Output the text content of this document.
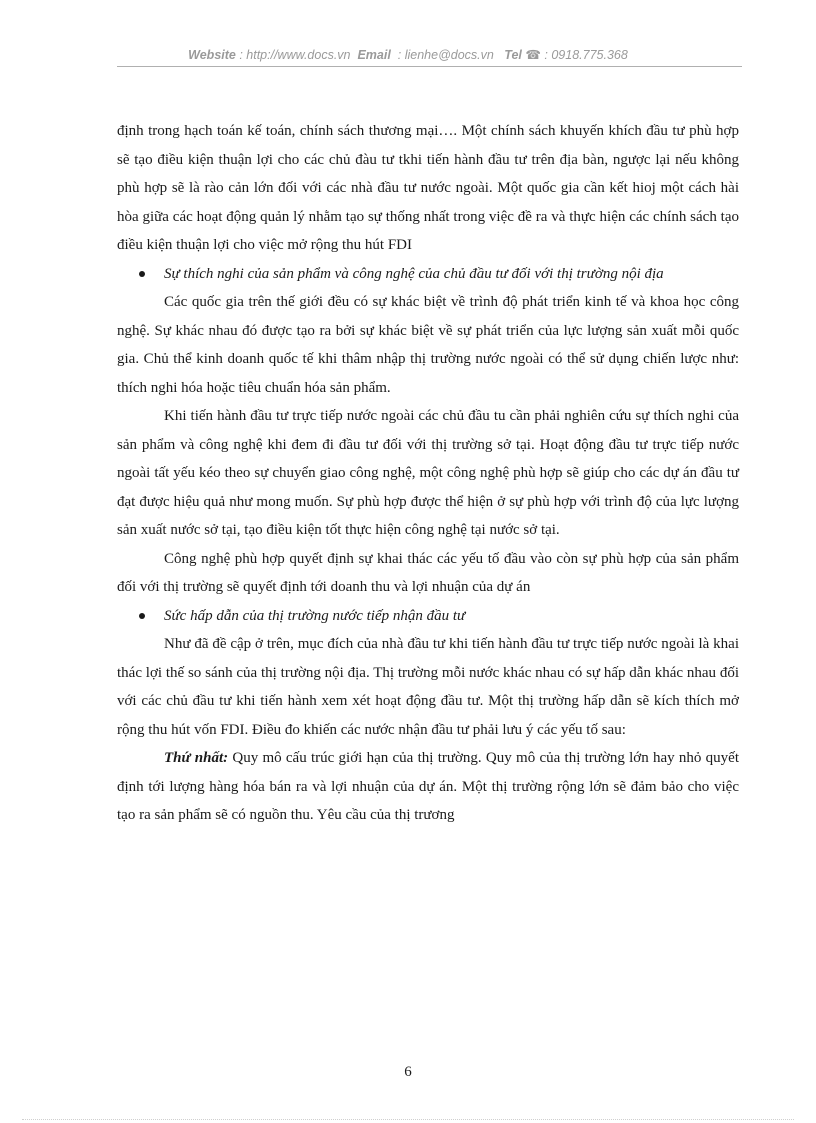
Website : http://www.docs.vn Email : lienhe@docs.vn Tel ☎ : 0918.775.368

định trong hạch toán kế toán, chính sách thương mại…. Một chính sách khuyến khích đầu tư phù hợp sẽ tạo điều kiện thuận lợi cho các chủ đàu tư tkhi tiến hành đầu tư trên địa bàn, ngược lại nếu không phù hợp sẽ là rào cản lớn đối với các nhà đầu tư nước ngoài. Một quốc gia cần kết hioj một cách hài hòa giữa các hoạt động quản lý nhằm tạo sự thống nhất trong việc đề ra và thực hiện các chính sách tạo điều kiện thuận lợi cho việc mở rộng thu hút FDI

Sự thích nghi của sản phẩm và công nghệ của chủ đầu tư đối với thị trường nội địa

Các quốc gia trên thế giới đều có sự khác biệt về trình độ phát triển kinh tế và khoa học công nghệ. Sự khác nhau đó được tạo ra bởi sự khác biệt về sự phát triển của lực lượng sản xuất mỗi quốc gia. Chủ thể kinh doanh quốc tế khi thâm nhập thị trường nước ngoài có thể sử dụng chiến lược như: thích nghi hóa hoặc tiêu chuẩn hóa sản phẩm.

Khi tiến hành đầu tư trực tiếp nước ngoài các chủ đầu tu cần phải nghiên cứu sự thích nghi của sản phẩm và công nghệ khi đem đi đầu tư đối với thị trường sở tại. Hoạt động đầu tư trực tiếp nước ngoài tất yếu kéo theo sự chuyển giao công nghệ, một công nghệ phù hợp sẽ giúp cho các dự án đầu tư đạt được hiệu quả như mong muốn. Sự phù hợp được thể hiện ở sự phù hợp với trình độ của lực lượng sản xuất nước sở tại, tạo điều kiện tốt thực hiện công nghệ tại nước sở tại.

Công nghệ phù hợp quyết định sự khai thác các yếu tố đầu vào còn sự phù hợp của sản phẩm đối với thị trường sẽ quyết định tới doanh thu và lợi nhuận của dự án

Sức hấp dẫn của thị trường nước tiếp nhận đầu tư

Như đã đề cập ở trên, mục đích của nhà đầu tư khi tiến hành đầu tư trực tiếp nước ngoài là khai thác lợi thế so sánh của thị trường nội địa. Thị trường mỗi nước khác nhau có sự hấp dẫn khác nhau đối với các chủ đầu tư khi tiến hành xem xét hoạt động đầu tư. Một thị trường hấp dẫn sẽ kích thích mở rộng thu hút vốn FDI. Điều đo khiến các nước nhận đầu tư phải lưu ý các yếu tố sau:

Thứ nhất: Quy mô cấu trúc giới hạn của thị trường. Quy mô của thị trường lớn hay nhỏ quyết định tới lượng hàng hóa bán ra và lợi nhuận của dự án. Một thị trường rộng lớn sẽ đảm bảo cho việc tạo ra sản phẩm sẽ có nguồn thu. Yêu cầu của thị trương

6
